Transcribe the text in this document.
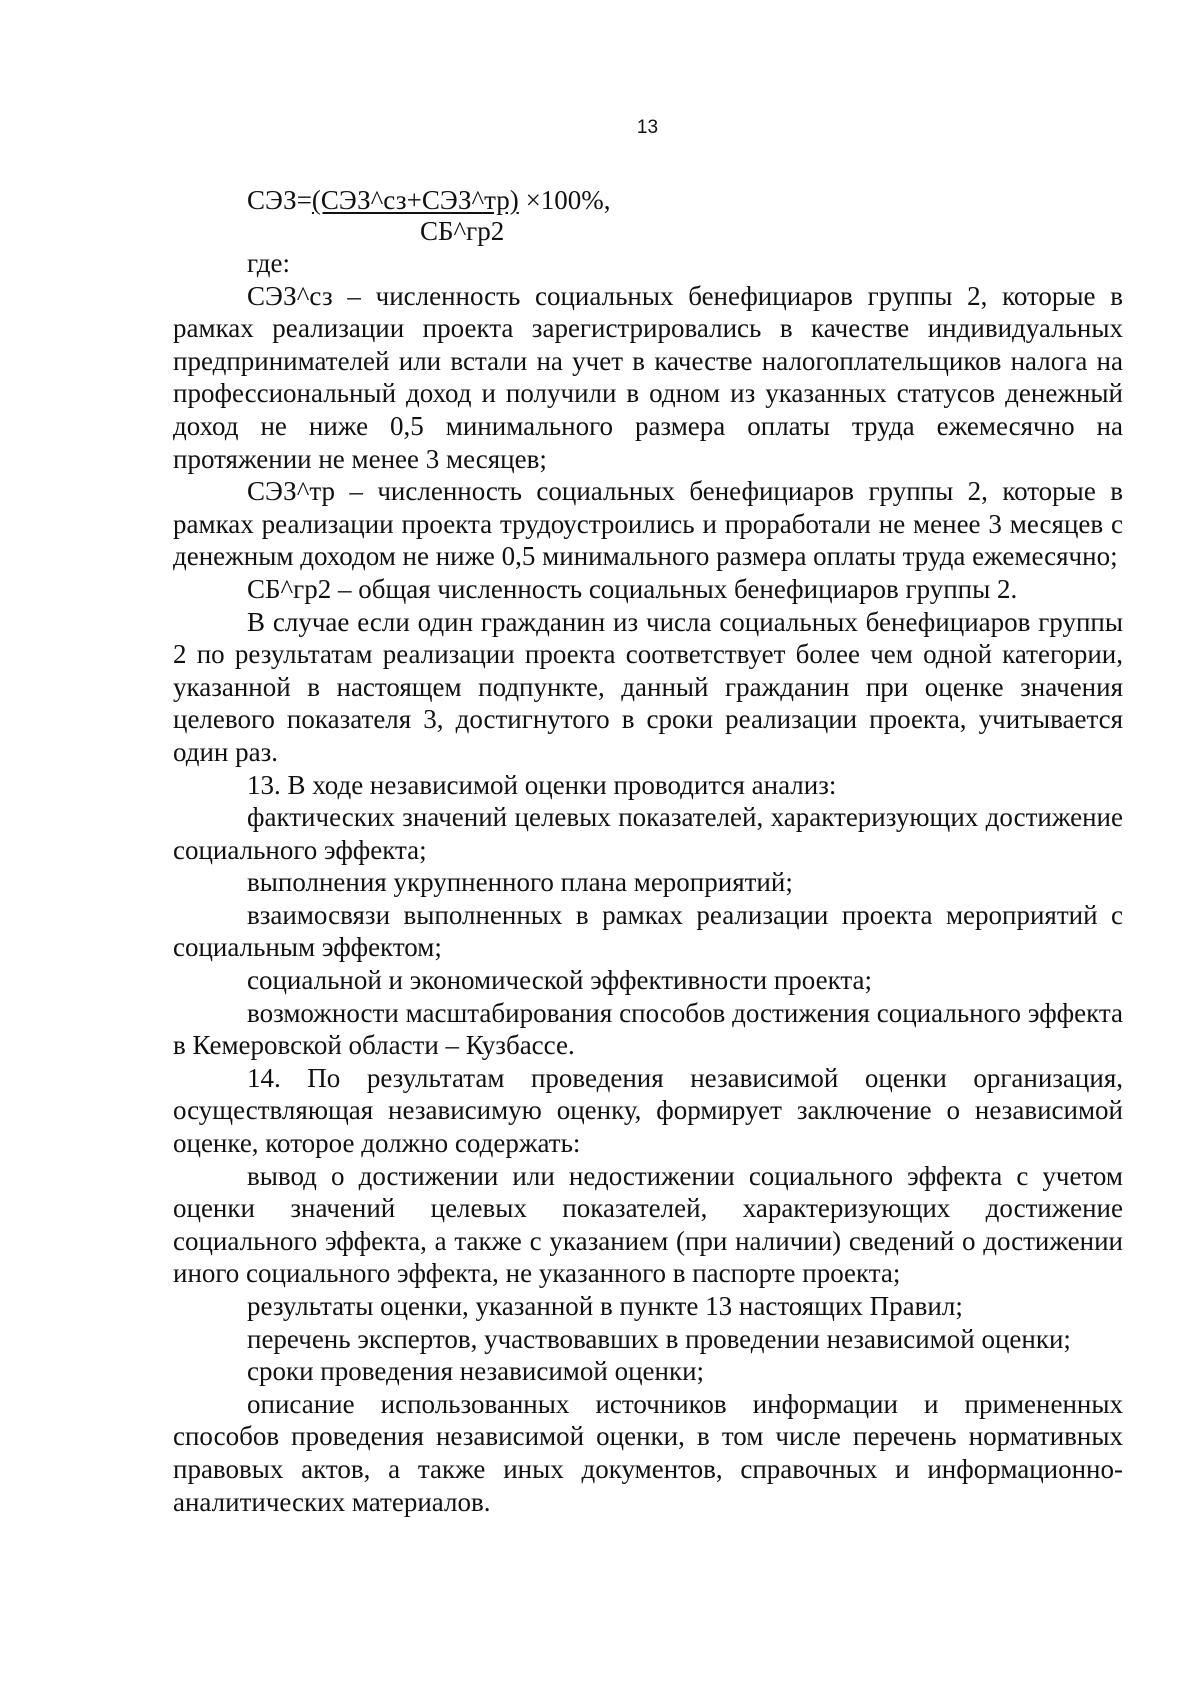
13
СЭЗ=(СЭЗ^сз+СЭЗ^тр) ×100%,
СБ^гр2

где:

СЭЗ^сз – численность социальных бенефициаров группы 2, которые в рамках реализации проекта зарегистрировались в качестве индивидуальных предпринимателей или встали на учет в качестве налогоплательщиков налога на профессиональный доход и получили в одном из указанных статусов денежный доход не ниже 0,5 минимального размера оплаты труда ежемесячно на протяжении не менее 3 месяцев;

СЭЗ^тр – численность социальных бенефициаров группы 2, которые в рамках реализации проекта трудоустроились и проработали не менее 3 месяцев с денежным доходом не ниже 0,5 минимального размера оплаты труда ежемесячно;

СБ^гр2 – общая численность социальных бенефициаров группы 2.

В случае если один гражданин из числа социальных бенефициаров группы 2 по результатам реализации проекта соответствует более чем одной категории, указанной в настоящем подпункте, данный гражданин при оценке значения целевого показателя 3, достигнутого в сроки реализации проекта, учитывается один раз.

13. В ходе независимой оценки проводится анализ:

фактических значений целевых показателей, характеризующих достижение социального эффекта;

выполнения укрупненного плана мероприятий;

взаимосвязи выполненных в рамках реализации проекта мероприятий с социальным эффектом;

социальной и экономической эффективности проекта;

возможности масштабирования способов достижения социального эффекта в Кемеровской области – Кузбассе.

14. По результатам проведения независимой оценки организация, осуществляющая независимую оценку, формирует заключение о независимой оценке, которое должно содержать:

вывод о достижении или недостижении социального эффекта с учетом оценки значений целевых показателей, характеризующих достижение социального эффекта, а также с указанием (при наличии) сведений о достижении иного социального эффекта, не указанного в паспорте проекта;

результаты оценки, указанной в пункте 13 настоящих Правил;

перечень экспертов, участвовавших в проведении независимой оценки;

сроки проведения независимой оценки;

описание использованных источников информации и примененных способов проведения независимой оценки, в том числе перечень нормативных правовых актов, а также иных документов, справочных и информационно-аналитических материалов.
